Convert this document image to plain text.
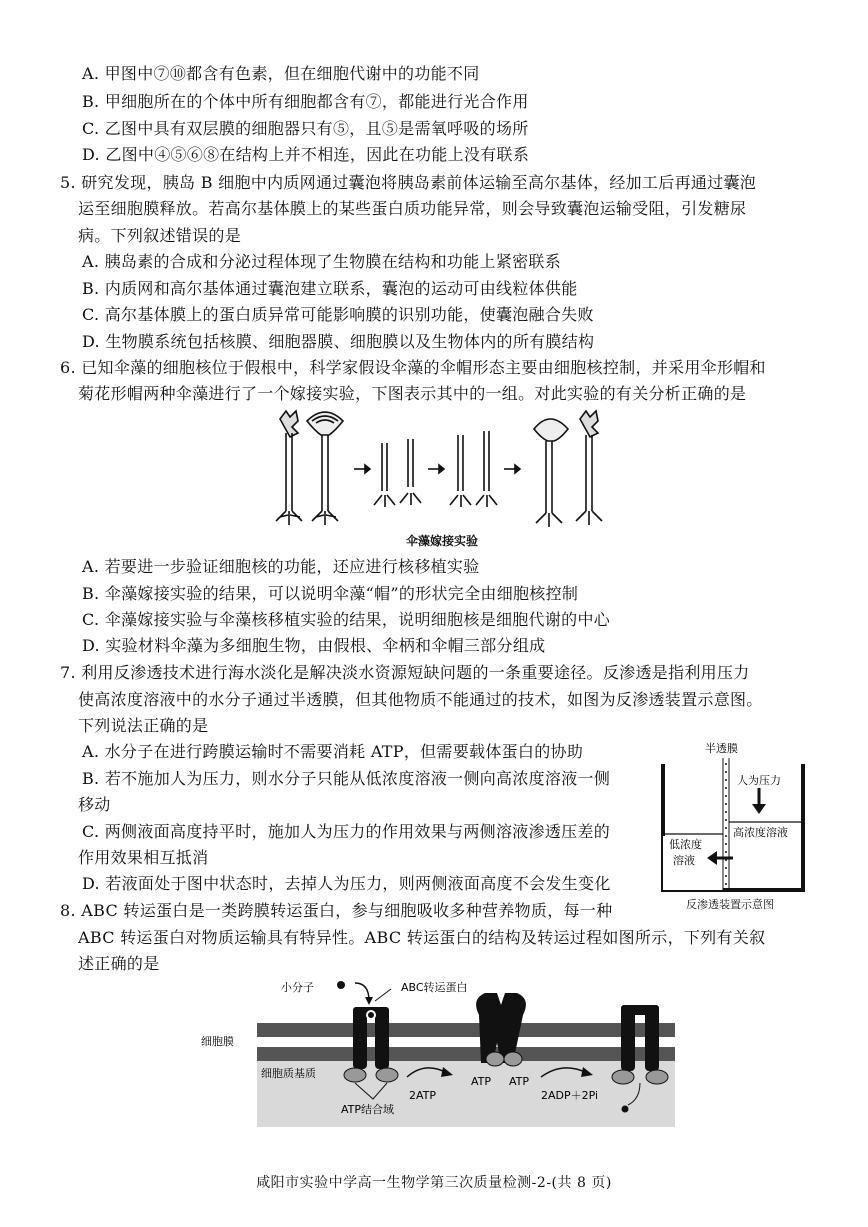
A. 甲图中⑦⑩都含有色素，但在细胞代谢中的功能不同
B. 甲细胞所在的个体中所有细胞都含有⑦，都能进行光合作用
C. 乙图中具有双层膜的细胞器只有⑤，且⑤是需氧呼吸的场所
D. 乙图中④⑤⑥⑧在结构上并不相连，因此在功能上没有联系
5. 研究发现，胰岛 B 细胞中内质网通过囊泡将胰岛素前体运输至高尔基体，经加工后再通过囊泡
运至细胞膜释放。若高尔基体膜上的某些蛋白质功能异常，则会导致囊泡运输受阻，引发糖尿
病。下列叙述错误的是
A. 胰岛素的合成和分泌过程体现了生物膜在结构和功能上紧密联系
B. 内质网和高尔基体通过囊泡建立联系，囊泡的运动可由线粒体供能
C. 高尔基体膜上的蛋白质异常可能影响膜的识别功能，使囊泡融合失败
D. 生物膜系统包括核膜、细胞器膜、细胞膜以及生物体内的所有膜结构
6. 已知伞藻的细胞核位于假根中，科学家假设伞藻的伞帽形态主要由细胞核控制，并采用伞形帽和
菊花形帽两种伞藻进行了一个嫁接实验，下图表示其中的一组。对此实验的有关分析正确的是
伞藻嫁接实验
A. 若要进一步验证细胞核的功能，还应进行核移植实验
B. 伞藻嫁接实验的结果，可以说明伞藻“帽”的形状完全由细胞核控制
C. 伞藻嫁接实验与伞藻核移植实验的结果，说明细胞核是细胞代谢的中心
D. 实验材料伞藻为多细胞生物，由假根、伞柄和伞帽三部分组成
7. 利用反渗透技术进行海水淡化是解决淡水资源短缺问题的一条重要途径。反渗透是指利用压力
使高浓度溶液中的水分子通过半透膜，但其他物质不能通过的技术，如图为反渗透装置示意图。
下列说法正确的是
A. 水分子在进行跨膜运输时不需要消耗 ATP，但需要载体蛋白的协助
B. 若不施加人为压力，则水分子只能从低浓度溶液一侧向高浓度溶液一侧
移动
C. 两侧液面高度持平时，施加人为压力的作用效果与两侧溶液渗透压差的
作用效果相互抵消
D. 若液面处于图中状态时，去掉人为压力，则两侧液面高度不会发生变化
半透膜
人为压力
高浓度溶液
低浓度
溶液
反渗透装置示意图
8. ABC 转运蛋白是一类跨膜转运蛋白，参与细胞吸收多种营养物质，每一种
ABC 转运蛋白对物质运输具有特异性。ABC 转运蛋白的结构及转运过程如图所示，下列有关叙
述正确的是
小分子	ABC转运蛋白
细胞膜
细胞质基质
2ATP
ATP ATP
2ADP＋2Pi
ATP结合域
咸阳市实验中学高一生物学第三次质量检测-2-(共 8 页)
